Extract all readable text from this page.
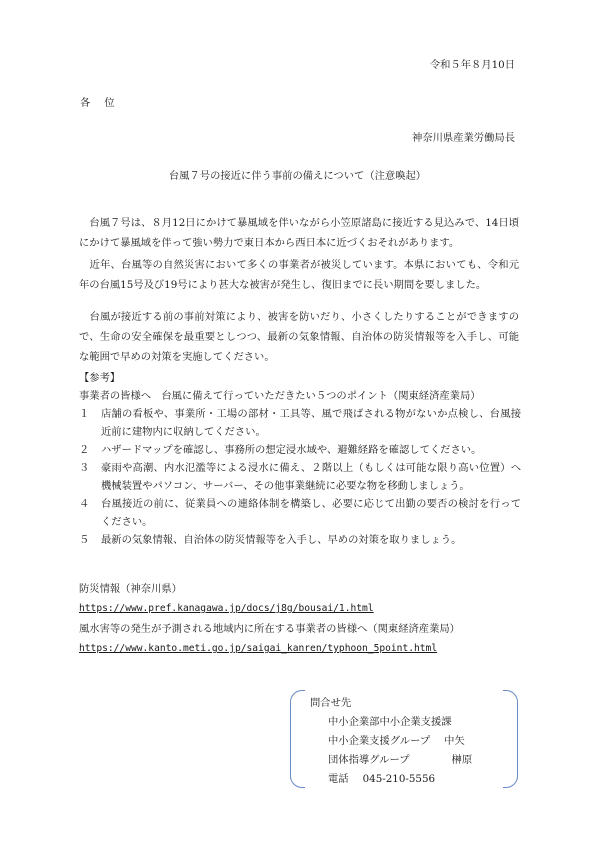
令和５年８月10日
各位
神奈川県産業労働局長
台風７号の接近に伴う事前の備えについて（注意喚起）

　台風７号は、８月12日にかけて暴風域を伴いながら小笠原諸島に接近する見込みで、14日頃にかけて暴風域を伴って強い勢力で東日本から西日本に近づくおそれがあります。

　近年、台風等の自然災害において多くの事業者が被災しています。本県においても、令和元年の台風15号及び19号により甚大な被害が発生し、復旧までに長い期間を要しました。

　台風が接近する前の事前対策により、被害を防いだり、小さくしたりすることができますので、生命の安全確保を最重要としつつ、最新の気象情報、自治体の防災情報等を入手し、可能な範囲で早めの対策を実施してください。

【参考】
事業者の皆様へ　台風に備えて行っていただきたい５つのポイント（関東経済産業局）
１	店舗の看板や、事業所・工場の部材・工具等、風で飛ばされる物がないか点検し、台風接近前に建物内に収納してください。
２	ハザードマップを確認し、事務所の想定浸水域や、避難経路を確認してください。
３	豪雨や高潮、内水氾濫等による浸水に備え、２階以上（もしくは可能な限り高い位置）へ機械装置やパソコン、サーバー、その他事業継続に必要な物を移動しましょう。
４	台風接近の前に、従業員への連絡体制を構築し、必要に応じて出勤の要否の検討を行ってください。
５	最新の気象情報、自治体の防災情報等を入手し、早めの対策を取りましょう。
防災情報（神奈川県）
https://www.pref.kanagawa.jp/docs/j8g/bousai/1.html
風水害等の発生が予測される地域内に所在する事業者の皆様へ（関東経済産業局）
https://www.kanto.meti.go.jp/saigai_kanren/typhoon_5point.html
問合せ先
中小企業部中小企業支援課
中小企業支援グループ 中矢
団体指導グループ	榊原
電話 045-210-5556
